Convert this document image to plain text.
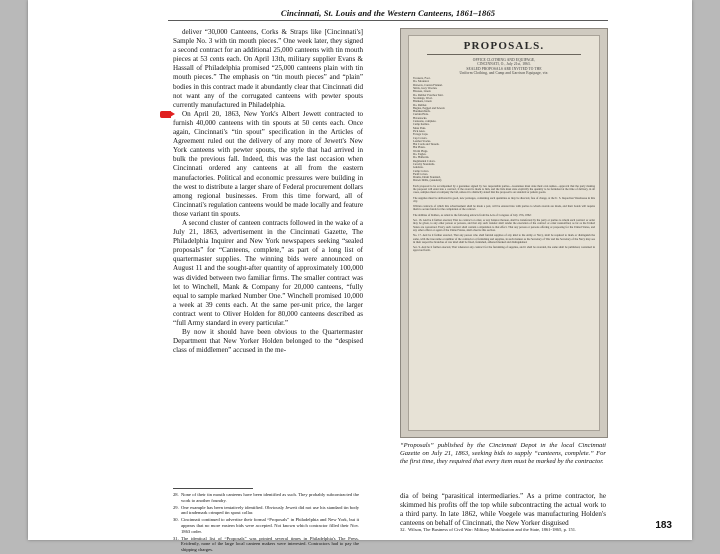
Cincinnati, St. Louis and the Western Canteens, 1861–1865

deliver “30,000 Canteens, Corks & Straps like [Cincinnati's] Sample No. 3 with tin mouth pieces.” One week later, they signed a second contract for an additional 25,000 canteens with tin mouth pieces at 53 cents each. On April 13th, military supplier Evans & Hassall of Philadelphia promised “25,000 canteens plain with tin mouth pieces.” The emphasis on “tin mouth pieces” and “plain” bodies in this contract made it abundantly clear that Cincinnati did not want any of the corrugated canteens with pewter spouts currently manufactured in Philadelphia.

On April 20, 1863, New York's Albert Jewett contracted to furnish 40,000 canteens with tin spouts at 50 cents each. Once again, Cincinnati's “tin spout” specification in the Articles of Agreement ruled out the delivery of any more of Jewett's New York canteens with pewter spouts, the style that had arrived in bulk the previous fall. Indeed, this was the last occasion when Cincinnati ordered any canteens at all from the eastern manufactories. Political and economic pressures were building in the west to distribute a larger share of Federal procurement dollars among regional businesses. From this time forward, all of Cincinnati's regulation canteens would be made locally and feature those variant tin spouts.

A second cluster of canteen contracts followed in the wake of a July 21, 1863, advertisement in the Cincinnati Gazette, The Philadelphia Inquirer and New York newspapers seeking “sealed proposals” for “Canteens, complete,” as part of a long list of quartermaster supplies. The winning bids were announced on August 11 and the sought-after quantity of approximately 100,000 was divided between two familiar firms. The smaller contract was let to Winchell, Mank & Company for 20,000 canteens, “fully equal to sample marked Number One.” Winchell promised 10,000 a week at 39 cents each. At the same per-unit price, the larger contract went to Oliver Holden for 80,000 canteens described as “full Army standard in every particular.”

By now it should have been obvious to the Quartermaster Department that New Yorker Holden belonged to the “despised class of middlemen” accused in the me-

PROPOSALS.
OFFICE CLOTHING AND EQUIPAGE,
CINCINNATI, O., July 21st, 1863.
SEALED PROPOSALS ARE INVITED TO THE
Uniform Clothing, and Camp and Garrison Equipage, viz:
Trousers, Foot.
Do. Mounted.
Drawers, Canton Flannel.
Shirts, Grey Woolen.
Blouses, Lined.
Do. Rubber Ponchos Tent.
Stockings, Wool.
Blankets, Lined.
Do. Rubber.
Bugles, Pegged and Sewed.
Handkerchiefs.
Curtain Hole.
Haversacks.
Canteens, complete.
Camp Kettles.
Mess Pans.
Pick Axes.
Forage Caps.
Cap Covers.
Leather Stocks.
Hat Cords and Tassels.
Hat Plates.
Worm Plugs.
Do. Eagles.
Do. Halberds.
Regimental Colors.
Cavalry Standards.
Guidons.
Camp Colors.
Field Colors.
Drums, Drum Standard.
Drawn Drills, (standard)
Each proposal to be accompanied by a guarantee signed by two responsible parties—Guarantee must state their own names—approval that the party making the proposal will enter into a contract, if the award is made to him, and the bids must state explicitly the quantity to be furnished at the time of delivery, in all cases, samples must accompany the bid, unless it is distinctly stated that the proposal is on standard or pattern goods.
The supplies must be delivered in good, new packages, containing such quantities as may be directed, free of charge, at the U. S. Inspection Warehouse in this city.
Written contracts of which this advertisement shall be made a part, will be entered into with parties to whom awards are made, and their bonds will require them to secure funds for the completion of the contract.
The abilities of bidders, as relied to the following extracts from the Acts of Congress of July 17th, 1862:
Sec. 16. And be it further enacted, That no contract or order, or any balance thereon, shall be transferred by the party or parties to whom such contract or order may be given, to any other person or persons, and that any such transfer shall render the execution of the contract or order nonnotified, as far as the United States are concerned. Every such contract shall contain a stipulation to that effect. That any person or persons offering or proposing for the United States, and any other officer or agent of the United States, shall observe this section.
No. 17. And be it further enacted, That any person who shall furnish supplies of any kind to the Army or Navy, shall be required to mark or distinguish the same, with the true name or number of the contractor or furnishing and supplies, in such manner as the Secretary of War and the Secretary of the Navy may see in their respective branches of war kind shall be fixed, furnished, adhered marked and distinguished.
Sec. 9. And be it further enacted, That whenever any contract for the furnishing of supplies, and it shall be awarded, the same shall be published, contained in approved form.
“Proposals” published by the Cincinnati Depot in the local Cincinnati Gazette on July 21, 1863, seeking bids to supply “canteens, complete.” For the first time, they required that every item must be marked by the contractor.
28. None of their tin mouth canteens have been identified as such. They probably subcontracted the work to another foundry.
29. One example has been tentatively identified. Obviously Jewett did not use his standard tin body and trademark crimped tin spout collar.
30. Cincinnati continued to advertise their formal “Proposals” in Philadelphia and New York, but it appears that no more eastern bids were accepted. Not known which contractor filled their Nov. 1863 order.
31. The identical list of “Proposals” was printed several times in Philadelphia's The Press. Evidently, none of the large local canteen makers were interested. Contractors had to pay the shipping charges.

dia of being “parasitical intermediaries.” As a prime contractor, he skimmed his profits off the top while subcontracting the actual work to a third party. In late 1862, while Voegele was manufacturing Holden's canteens on behalf of Cincinnati, the New Yorker disguised

32. Wilson, The Business of Civil War: Military Mobilization and the State, 1861-1865, p. 151.	183
